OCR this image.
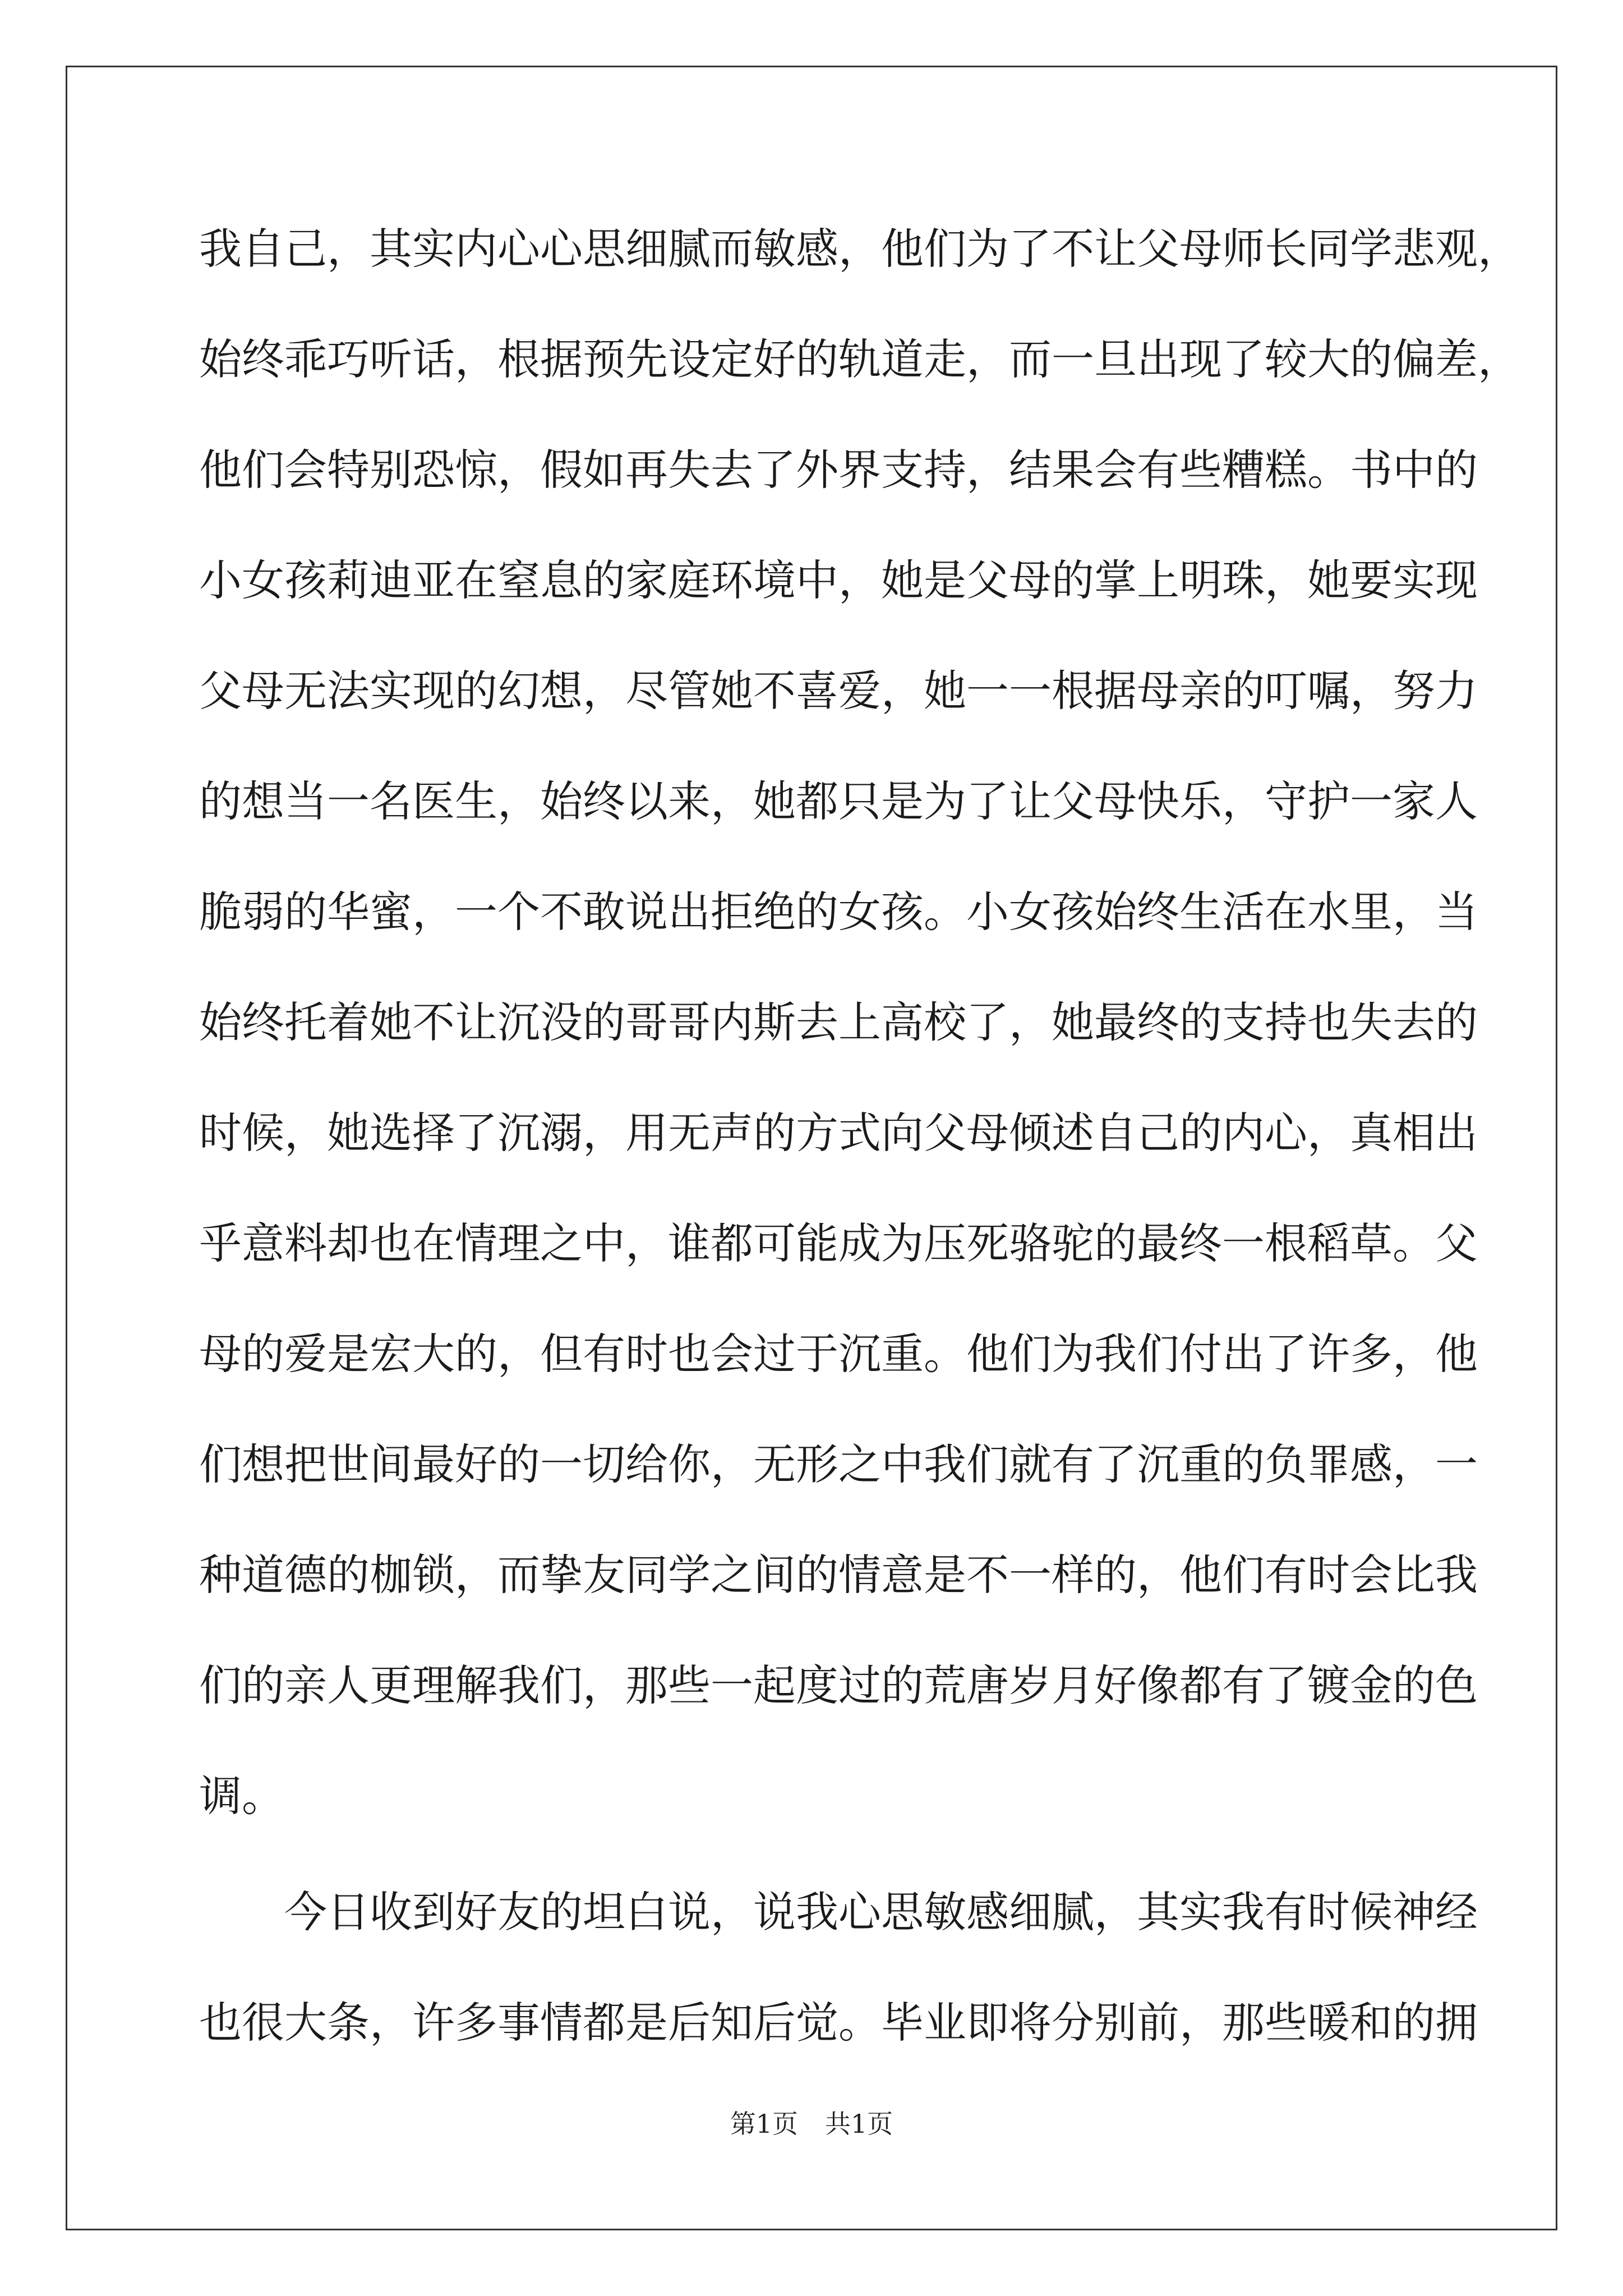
我自己，其实内心心思细腻而敏感，他们为了不让父母师长同学悲观，
始终乖巧听话，根据预先设定好的轨道走，而一旦出现了较大的偏差，
他们会特别恐惊，假如再失去了外界支持，结果会有些糟糕。书中的
小女孩莉迪亚在窒息的家庭环境中，她是父母的掌上明珠，她要实现
父母无法实现的幻想，尽管她不喜爱，她一一根据母亲的叮嘱，努力
的想当一名医生，始终以来，她都只是为了让父母快乐，守护一家人
脆弱的华蜜，一个不敢说出拒绝的女孩。小女孩始终生活在水里，当
始终托着她不让沉没的哥哥内斯去上高校了，她最终的支持也失去的
时候，她选择了沉溺，用无声的方式向父母倾述自己的内心，真相出
乎意料却也在情理之中，谁都可能成为压死骆驼的最终一根稻草。父
母的爱是宏大的，但有时也会过于沉重。他们为我们付出了许多，他
们想把世间最好的一切给你，无形之中我们就有了沉重的负罪感，一
种道德的枷锁，而挚友同学之间的情意是不一样的，他们有时会比我
们的亲人更理解我们，那些一起度过的荒唐岁月好像都有了镀金的色
调。
今日收到好友的坦白说，说我心思敏感细腻，其实我有时候神经
也很大条，许多事情都是后知后觉。毕业即将分别前，那些暖和的拥
第1页 共1页
